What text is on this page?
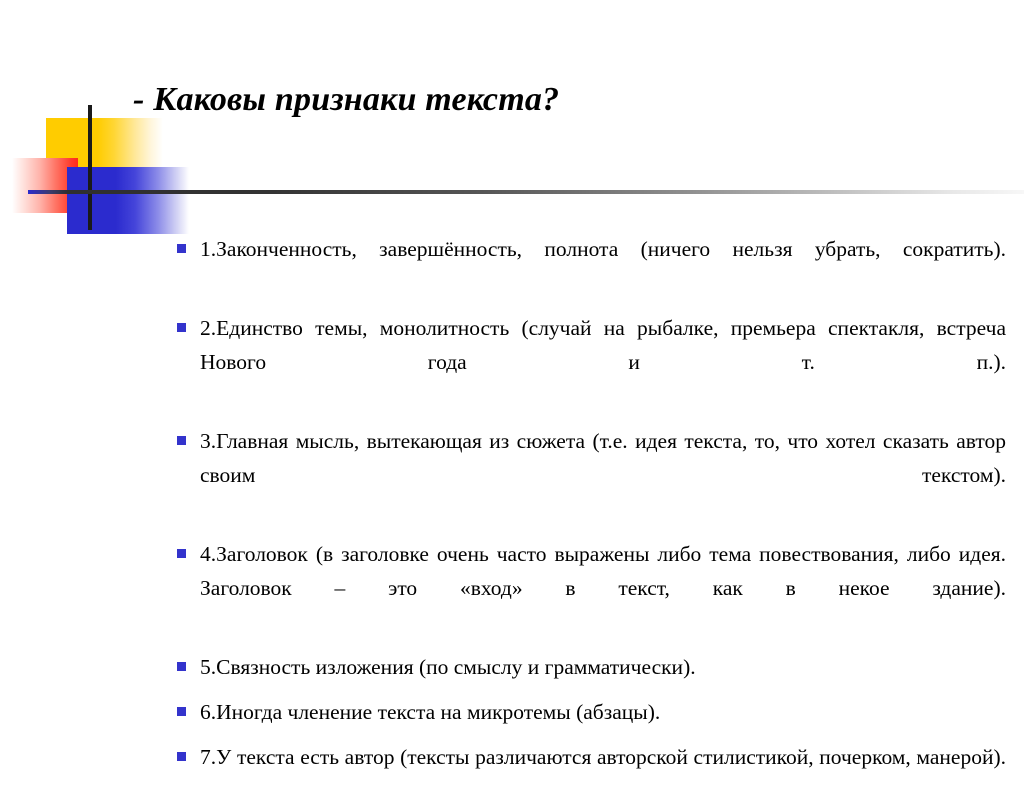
- Каковы признаки текста?
1.Законченность, завершённость, полнота (ничего нельзя убрать, сократить).
2.Единство темы, монолитность (случай на рыбалке, премьера спектакля, встреча Нового года и т. п.).
3.Главная мысль, вытекающая из сюжета (т.е. идея текста, то, что хотел сказать автор своим текстом).
4.Заголовок (в заголовке очень часто выражены либо тема повествования, либо идея. Заголовок – это «вход» в текст, как в некое здание).
5.Связность изложения (по смыслу и грамматически).
6.Иногда членение текста на микротемы (абзацы).
7.У текста есть автор (тексты различаются авторской стилистикой, почерком, манерой).
